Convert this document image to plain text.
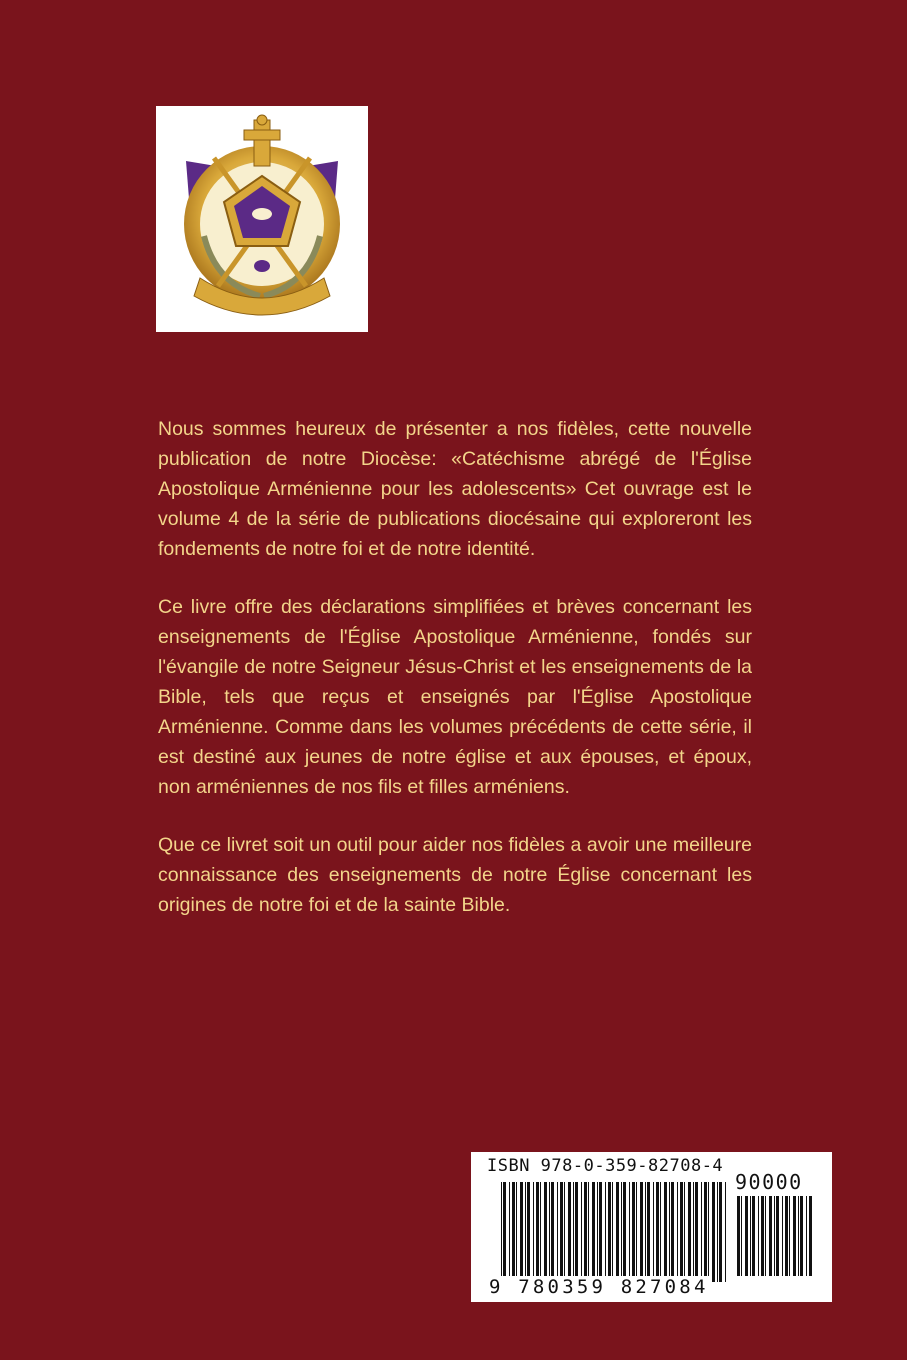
Nous sommes heureux de présenter a nos fidèles, cette nouvelle publication de notre Diocèse: «Catéchisme abrégé de l'Église Apostolique Arménienne pour les adolescents» Cet ouvrage est le volume 4 de la série de publications diocésaine qui exploreront les fondements de notre foi et de notre identité.

Ce livre offre des déclarations simplifiées et brèves concernant les enseignements de l'Église Apostolique Arménienne, fondés sur l'évangile de notre Seigneur Jésus-Christ et les enseignements de la Bible, tels que reçus et enseignés par l'Église Apostolique Arménienne. Comme dans les volumes précédents de cette série, il est destiné aux jeunes de notre église et aux épouses, et époux, non arméniennes de nos fils et filles arméniens.

Que ce livret soit un outil pour aider nos fidèles a avoir une meilleure connaissance des enseignements de notre Église concernant les origines de notre foi et de la sainte Bible.

ISBN 978-0-359-82708-4
90000
9 780359 827084
